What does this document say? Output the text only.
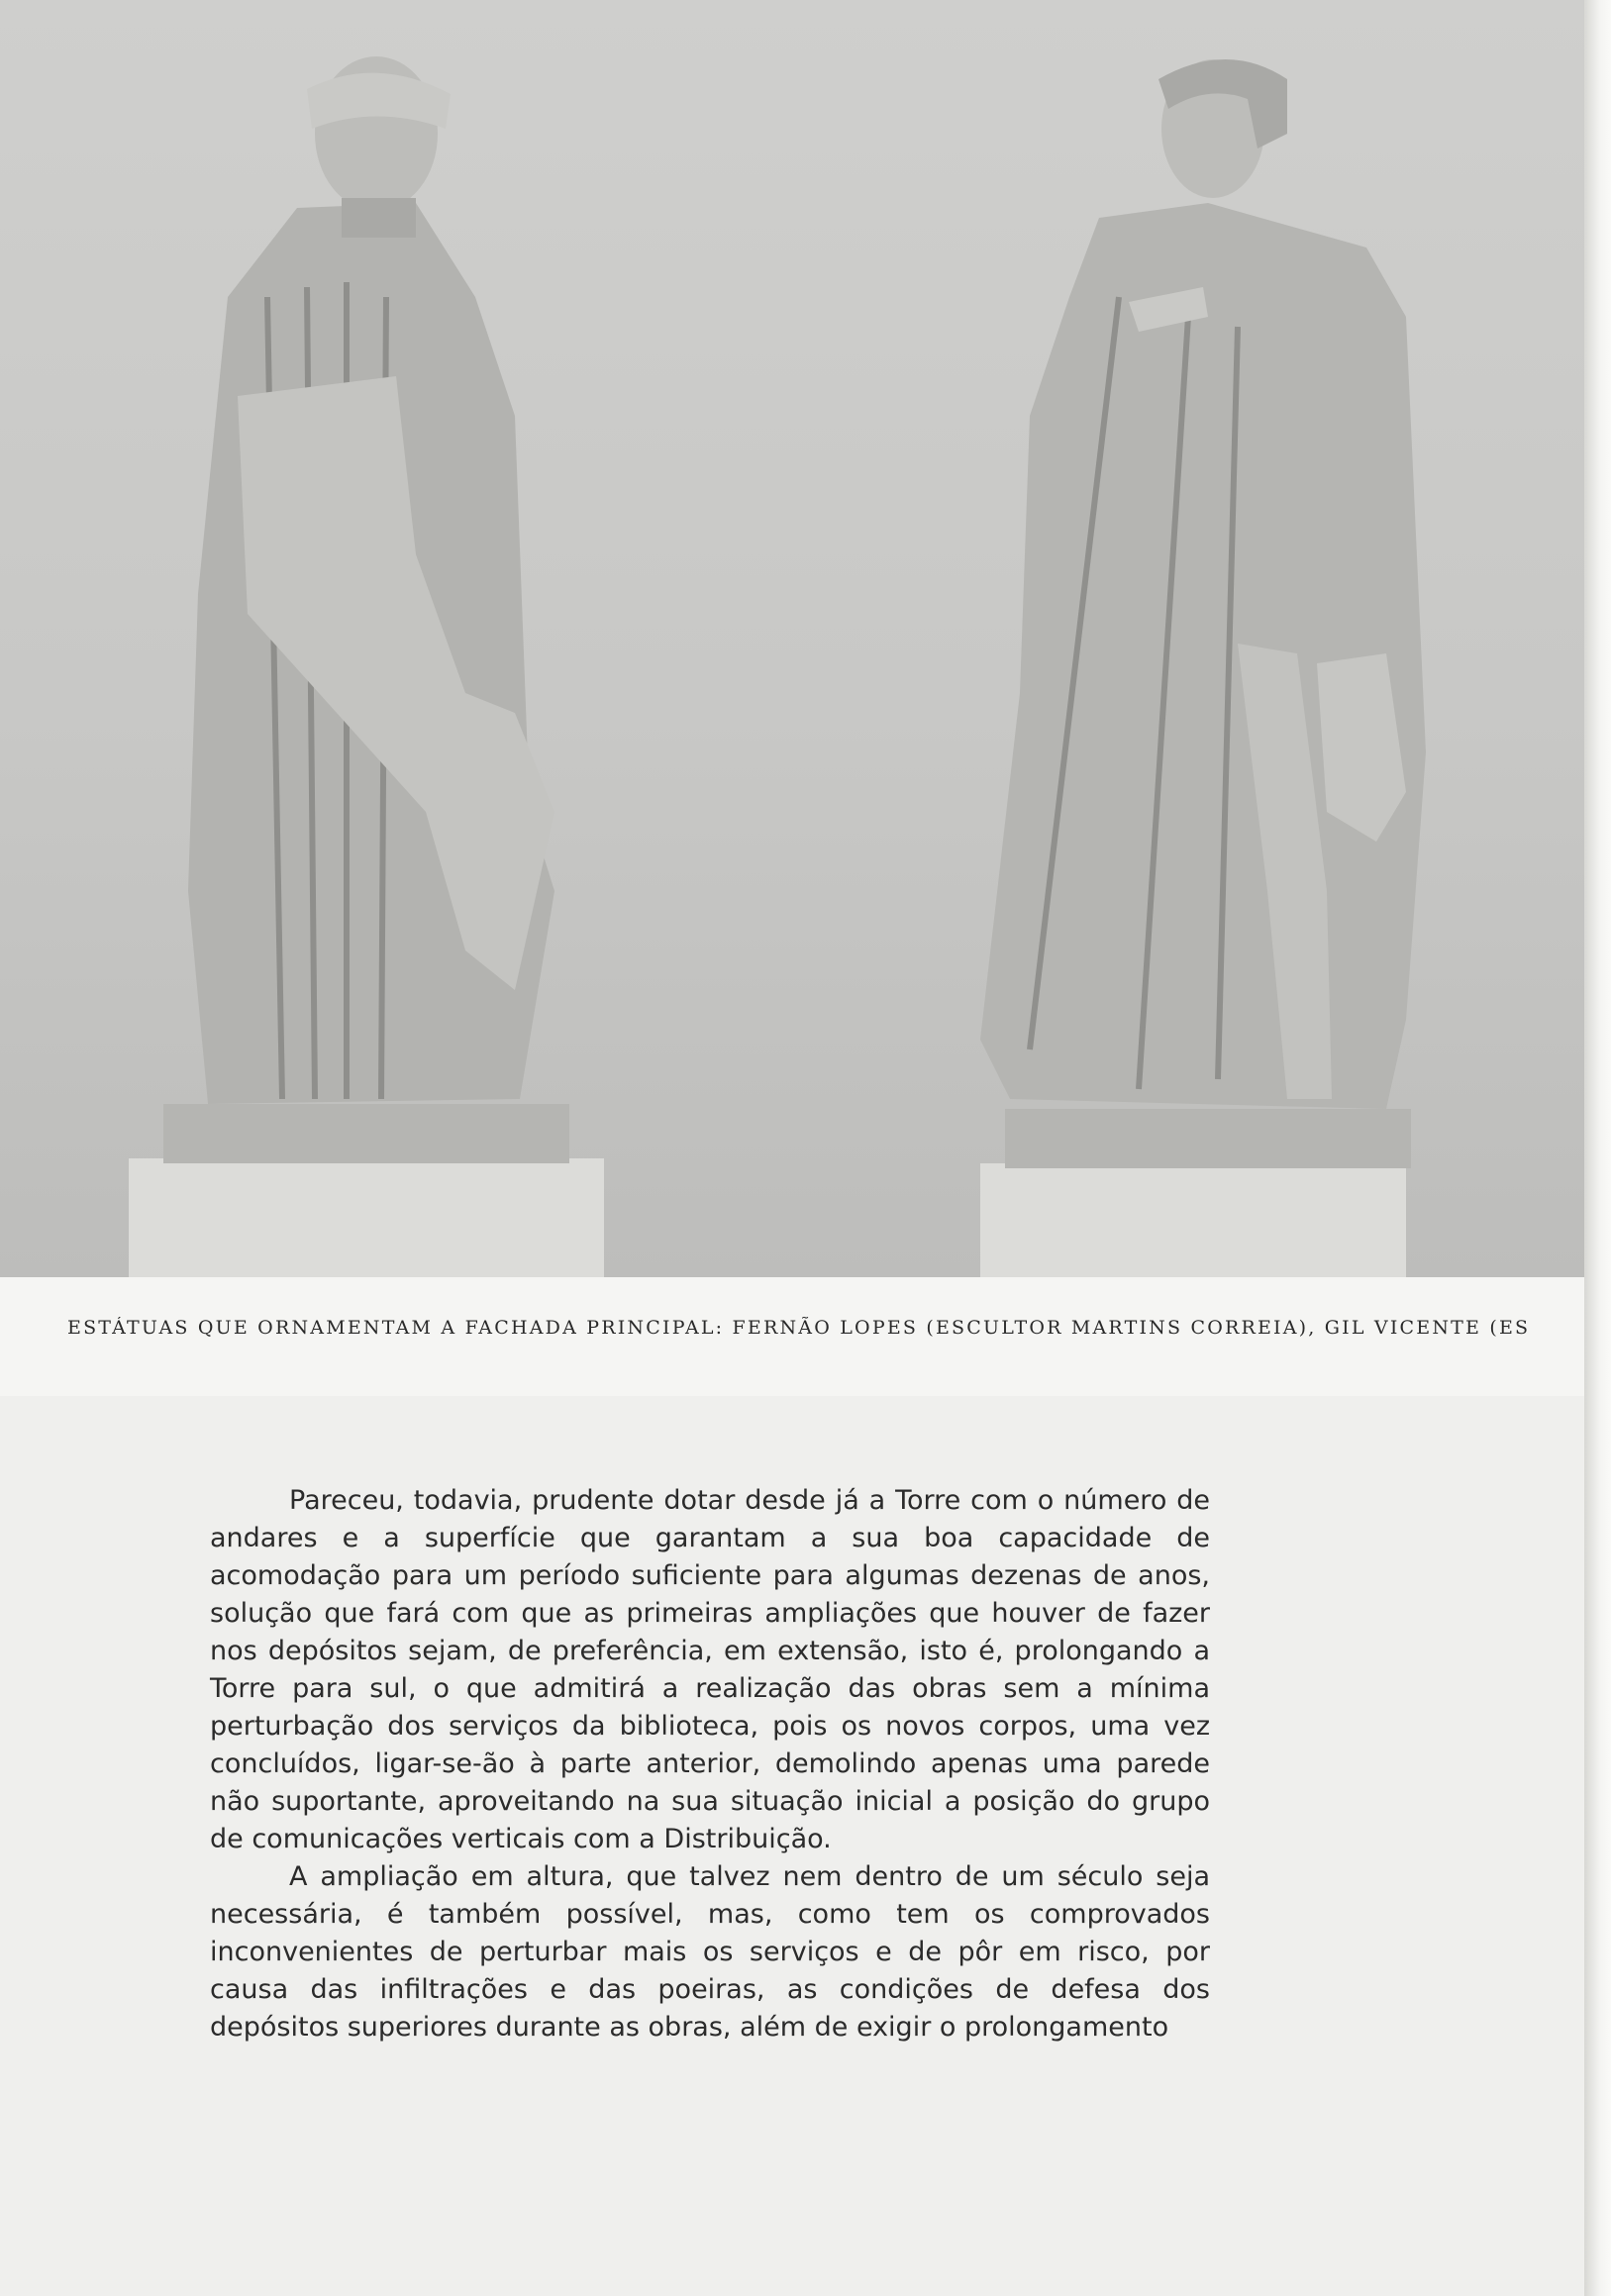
ESTÁTUAS QUE ORNAMENTAM A FACHADA PRINCIPAL: FERNÃO LOPES (ESCULTOR MARTINS CORREIA), GIL VICENTE (ES

Pareceu, todavia, prudente dotar desde já a Torre com o número de andares e a superfície que garantam a sua boa capacidade de acomodação para um período suficiente para algumas dezenas de anos, solução que fará com que as primeiras ampliações que houver de fazer nos depósitos sejam, de preferência, em extensão, isto é, prolongando a Torre para sul, o que admitirá a realização das obras sem a mínima perturbação dos serviços da biblioteca, pois os novos corpos, uma vez concluídos, ligar-se-ão à parte anterior, demolindo apenas uma parede não suportante, aproveitando na sua situação inicial a posição do grupo de comunicações verticais com a Distribuição.

A ampliação em altura, que talvez nem dentro de um século seja necessária, é também possível, mas, como tem os comprovados inconvenientes de perturbar mais os serviços e de pôr em risco, por causa das infiltrações e das poeiras, as condições de defesa dos depósitos superiores durante as obras, além de exigir o prolongamento
